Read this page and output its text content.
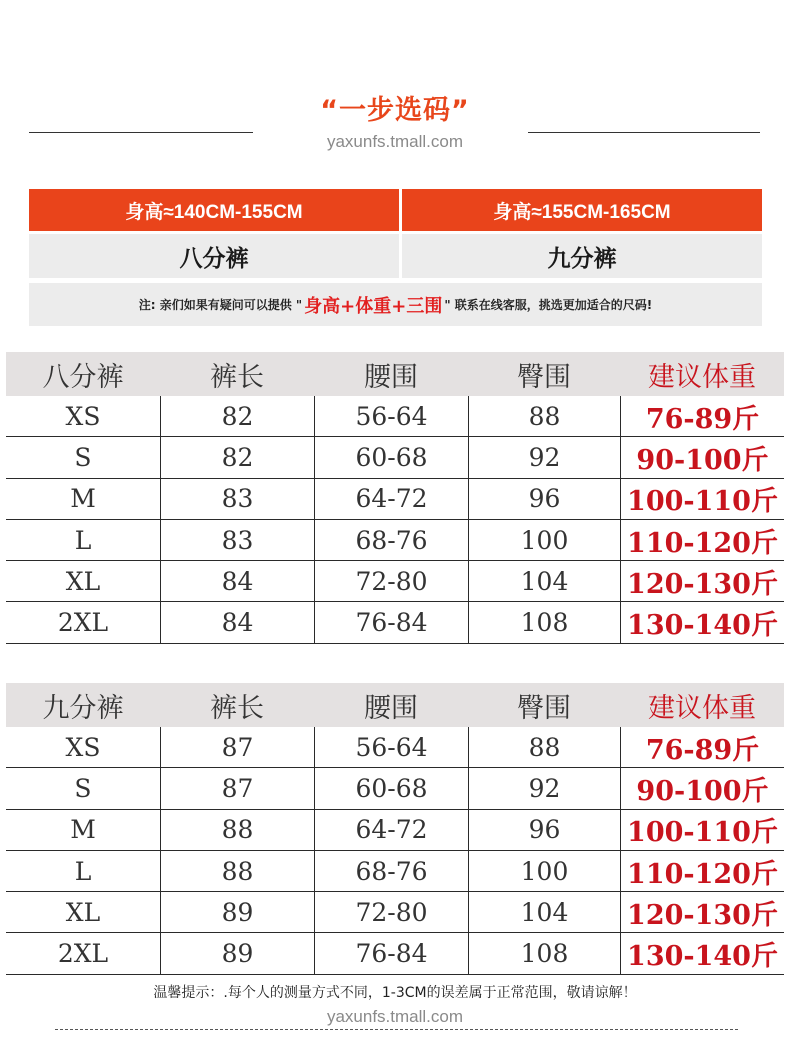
“一步选码”
yaxunfs.tmall.com
身高≈140CM-155CM	身高≈155CM-165CM
八分裤	九分裤
注: 亲们如果有疑问可以提供 " 身高+体重+三围 " 联系在线客服，挑选更加适合的尺码!
八分裤	裤长	腰围	臀围	建议体重
XS	82	56-64	88	76-89斤
S	82	60-68	92	90-100斤
M	83	64-72	96	100-110斤
L	83	68-76	100	110-120斤
XL	84	72-80	104	120-130斤
2XL	84	76-84	108	130-140斤
九分裤	裤长	腰围	臀围	建议体重
XS	87	56-64	88	76-89斤
S	87	60-68	92	90-100斤
M	88	64-72	96	100-110斤
L	88	68-76	100	110-120斤
XL	89	72-80	104	120-130斤
2XL	89	76-84	108	130-140斤
温馨提示：.每个人的测量方式不同，1-3CM的误差属于正常范围，敬请谅解！
yaxunfs.tmall.com
